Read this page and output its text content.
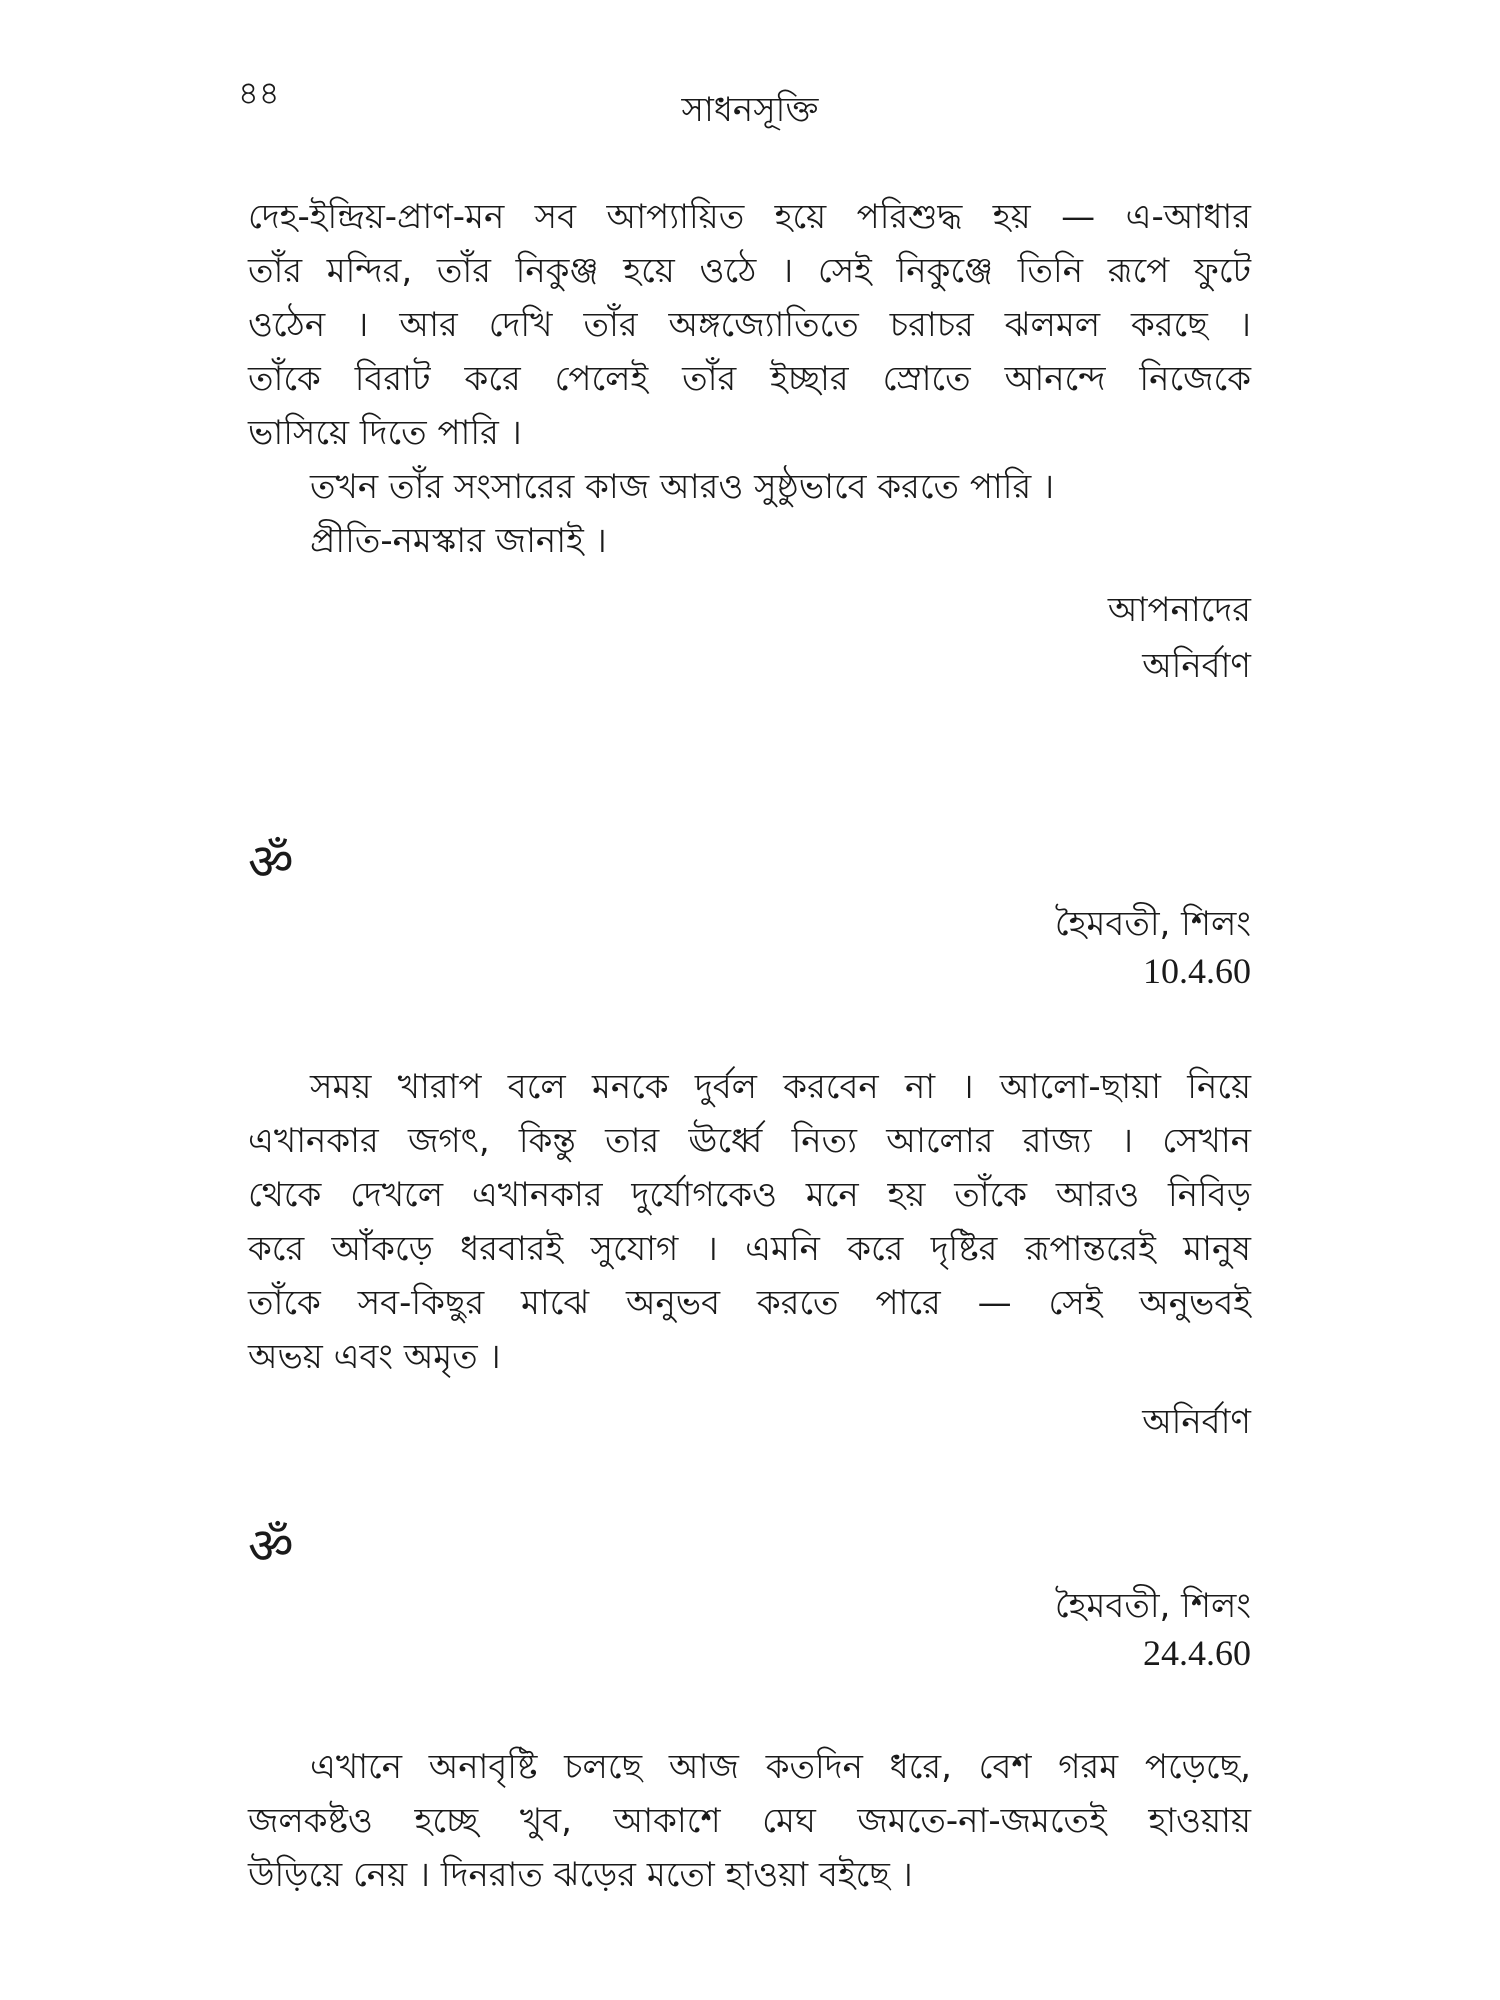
৪৪	সাধনসূক্তি
দেহ-ইন্দ্রিয়-প্রাণ-মন সব আপ্যায়িত হয়ে পরিশুদ্ধ হয় — এ-আধার
তাঁর মন্দির, তাঁর নিকুঞ্জ হয়ে ওঠে । সেই নিকুঞ্জে তিনি রূপে ফুটে
ওঠেন । আর দেখি তাঁর অঙ্গজ্যোতিতে চরাচর ঝলমল করছে ।
তাঁকে বিরাট করে পেলেই তাঁর ইচ্ছার স্রোতে আনন্দে নিজেকে
ভাসিয়ে দিতে পারি ।
তখন তাঁর সংসারের কাজ আরও সুষ্ঠুভাবে করতে পারি ।
প্রীতি-নমস্কার জানাই ।
আপনাদের
অনির্বাণ
ॐ
হৈমবতী, শিলং
10.4.60
সময় খারাপ বলে মনকে দুর্বল করবেন না । আলো-ছায়া নিয়ে
এখানকার জগৎ, কিন্তু তার ঊর্ধ্বে নিত্য আলোর রাজ্য । সেখান
থেকে দেখলে এখানকার দুর্যোগকেও মনে হয় তাঁকে আরও নিবিড়
করে আঁকড়ে ধরবারই সুযোগ । এমনি করে দৃষ্টির রূপান্তরেই মানুষ
তাঁকে সব-কিছুর মাঝে অনুভব করতে পারে — সেই অনুভবই
অভয় এবং অমৃত ।
অনির্বাণ
ॐ
হৈমবতী, শিলং
24.4.60
এখানে অনাবৃষ্টি চলছে আজ কতদিন ধরে, বেশ গরম পড়েছে,
জলকষ্টও হচ্ছে খুব, আকাশে মেঘ জমতে-না-জমতেই হাওয়ায়
উড়িয়ে নেয় । দিনরাত ঝড়ের মতো হাওয়া বইছে ।
